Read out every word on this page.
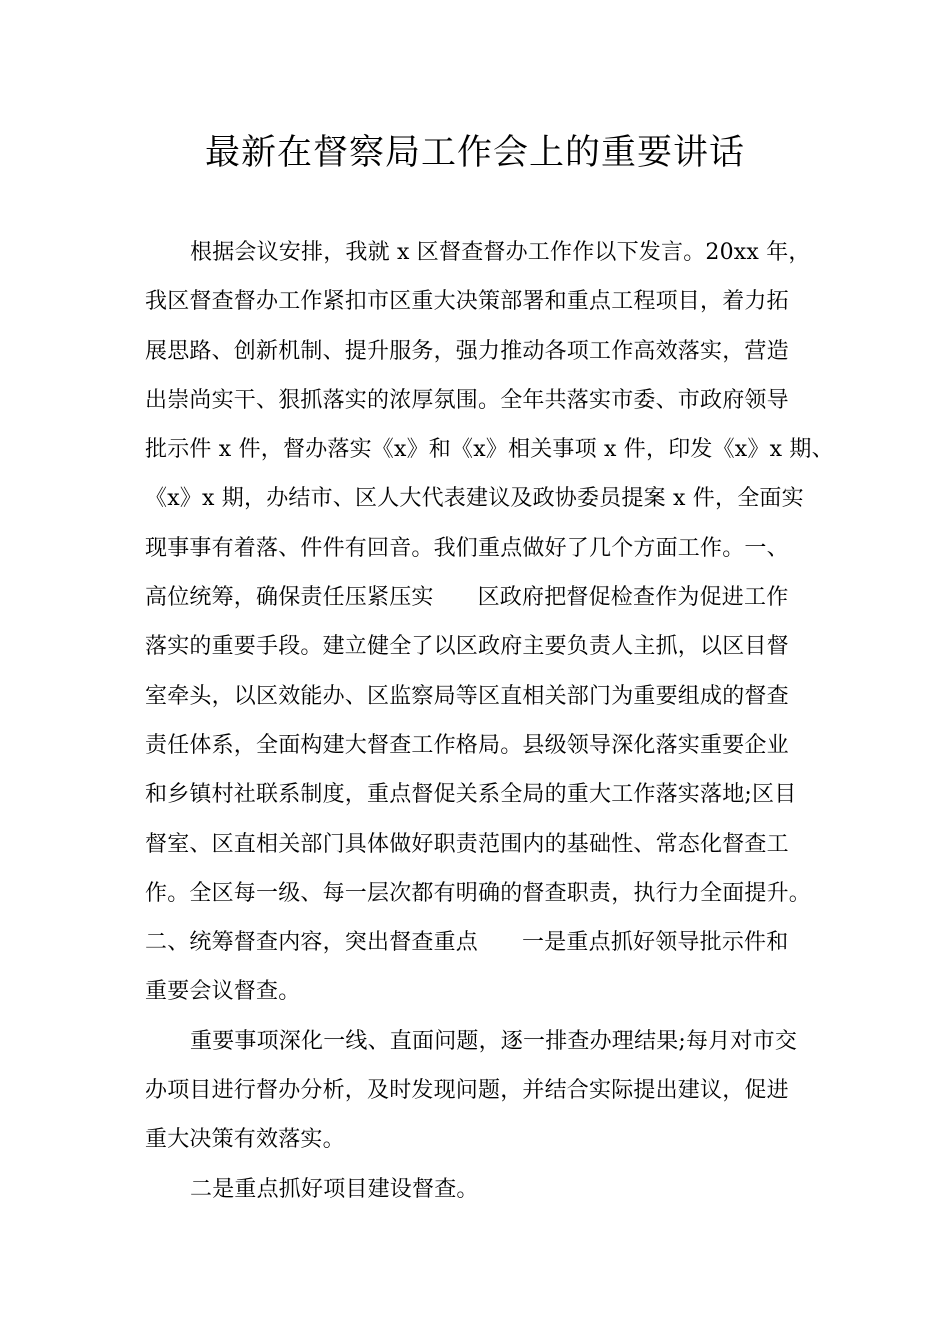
最新在督察局工作会上的重要讲话
根据会议安排，我就 x 区督查督办工作作以下发言。20xx 年，
我区督查督办工作紧扣市区重大决策部署和重点工程项目，着力拓
展思路、创新机制、提升服务，强力推动各项工作高效落实，营造
出崇尚实干、狠抓落实的浓厚氛围。全年共落实市委、市政府领导
批示件 x 件，督办落实《x》和《x》相关事项 x 件，印发《x》x 期、
《x》x 期，办结市、区人大代表建议及政协委员提案 x 件，全面实
现事事有着落、件件有回音。我们重点做好了几个方面工作。一、
高位统筹，确保责任压紧压实 区政府把督促检查作为促进工作
落实的重要手段。建立健全了以区政府主要负责人主抓，以区目督
室牵头，以区效能办、区监察局等区直相关部门为重要组成的督查
责任体系，全面构建大督查工作格局。县级领导深化落实重要企业
和乡镇村社联系制度，重点督促关系全局的重大工作落实落地;区目
督室、区直相关部门具体做好职责范围内的基础性、常态化督查工
作。全区每一级、每一层次都有明确的督查职责，执行力全面提升。
二、统筹督查内容，突出督查重点 一是重点抓好领导批示件和
重要会议督查。
重要事项深化一线、直面问题，逐一排查办理结果;每月对市交
办项目进行督办分析，及时发现问题，并结合实际提出建议，促进
重大决策有效落实。
二是重点抓好项目建设督查。
